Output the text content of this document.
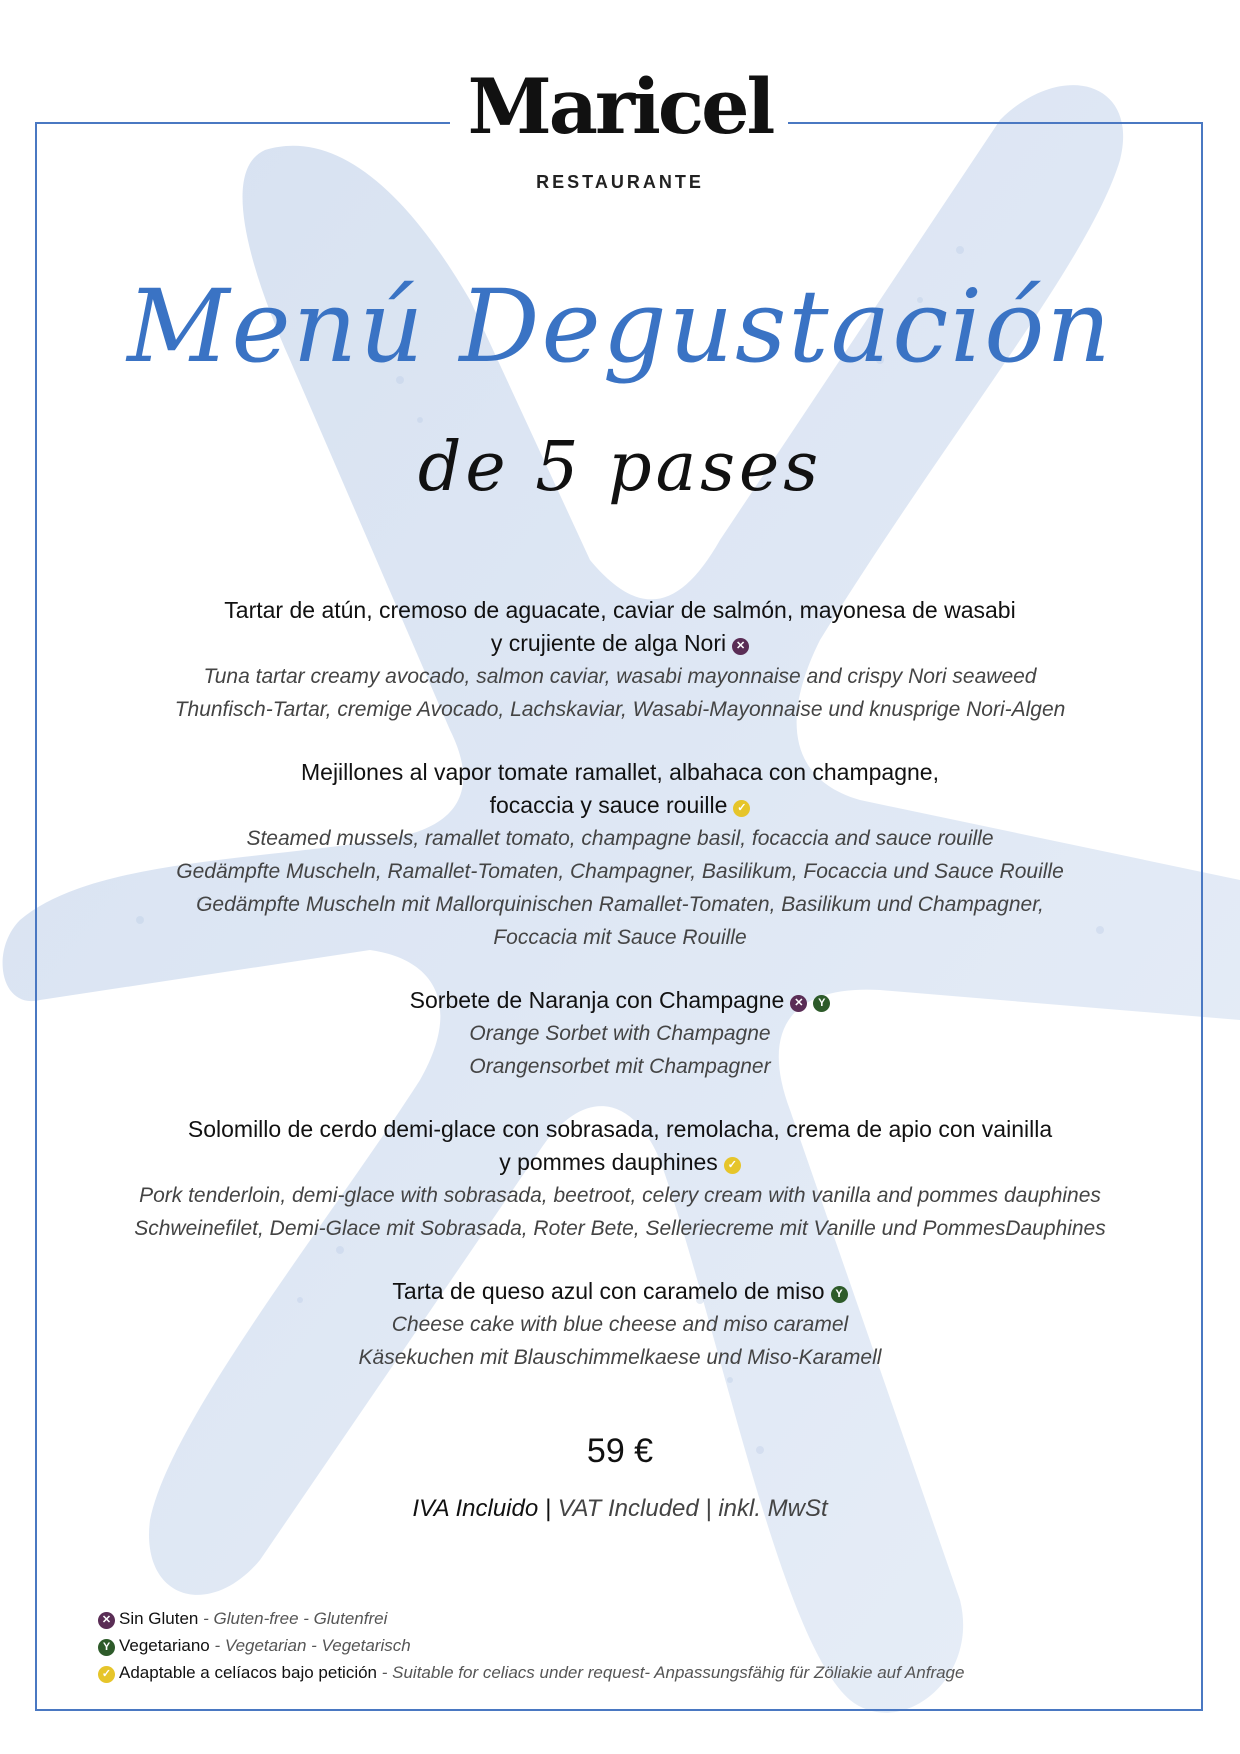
Maricel
RESTAURANTE
Menú Degustación
de 5 pases
Tartar de atún, cremoso de aguacate, caviar de salmón, mayonesa de wasabi
y crujiente de alga Nori ✕
Tuna tartar creamy avocado, salmon caviar, wasabi mayonnaise and crispy Nori seaweed
Thunfisch-Tartar, cremige Avocado, Lachskaviar, Wasabi-Mayonnaise und knusprige Nori-Algen
Mejillones al vapor tomate ramallet, albahaca con champagne,
focaccia y sauce rouille ✓
Steamed mussels, ramallet tomato, champagne basil, focaccia and sauce rouille
Gedämpfte Muscheln, Ramallet-Tomaten, Champagner, Basilikum, Focaccia und Sauce Rouille
Gedämpfte Muscheln mit Mallorquinischen Ramallet-Tomaten, Basilikum und Champagner,
Foccacia mit Sauce Rouille
Sorbete de Naranja con Champagne ✕ Y
Orange Sorbet with Champagne
Orangensorbet mit Champagner
Solomillo de cerdo demi-glace con sobrasada, remolacha, crema de apio con vainilla
y pommes dauphines ✓
Pork tenderloin, demi-glace with sobrasada, beetroot, celery cream with vanilla and pommes dauphines
Schweinefilet, Demi-Glace mit Sobrasada, Roter Bete, Selleriecreme mit Vanille und PommesDauphines
Tarta de queso azul con caramelo de miso Y
Cheese cake with blue cheese and miso caramel
Käsekuchen mit Blauschimmelkaese und Miso-Karamell
59 €
IVA Incluido | VAT Included | inkl. MwSt
✕ Sin Gluten - Gluten-free - Glutenfrei
Y Vegetariano - Vegetarian - Vegetarisch
✓ Adaptable a celíacos bajo petición - Suitable for celiacs under request- Anpassungsfähig für Zöliakie auf Anfrage
